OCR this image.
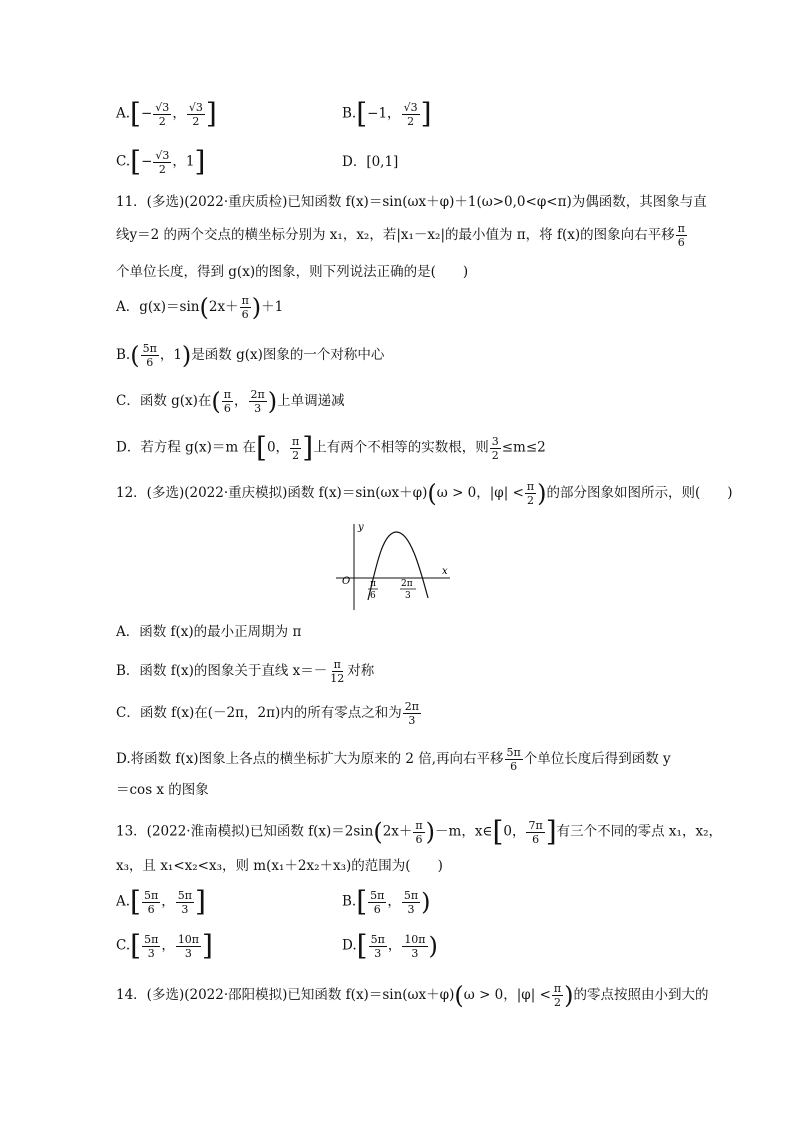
$A.[- \frac{√3}{2}$ ， $\frac{√3}{2}$ ]	B.[−1， $\frac{√3}{2}$ ]
$C.[- \frac{√3}{2}$ ，1]	D．[0,1]
11．(多选)(2022·重庆质检)已知函数 f(x)＝sin(ωx＋φ)＋1(ω>0,0<φ<π)为偶函数，其图象与直
线y＝2 的两个交点的横坐标分别为 x₁，x₂，若|x₁－x₂|的最小值为 π，将 f(x)的图象向右平移 $\frac{\pi}{6}$
个单位长度，得到 g(x)的图象，则下列说法正确的是(　　)
A．$g(x)=\sin(2x+ \frac{\pi}{6} )+1$
$B.( \frac{5\pi}{6}$ ，1)是函数 g(x)图象的一个对称中心
C．函数 g(x)在( $\frac{\pi}{6}$ ， $\frac{2\pi}{3}$ )上单调递减
D．若方程 g(x)＝m 在[0， $\frac{\pi}{2}$ ]上有两个不相等的实数根，则 $\frac{3}{2} \le m\le 2$
12．(多选)(2022·重庆模拟)函数 f(x)＝sin(ωx＋φ)(ω > 0，$|\varphi| < \frac{\pi}{2}$ )的部分图象如图所示，则(　　)
y
x
O π
6
2π
3
A．函数 f(x)的最小正周期为 π
B．函数 f(x)的图象关于直线 $x=- \frac{\pi}{12}$ 对称
C．函数 f(x)在(－2π，2π)内的所有零点之和为 $\frac{2\pi}{3}$
D.将函数 f(x)图象上各点的横坐标扩大为原来的 2 倍,再向右平移 $\frac{5\pi}{6}$ 个单位长度后得到函数 y
＝cos x 的图象
13．(2022·淮南模拟)已知函数 $f(x)=2\sin(2x+ \frac{\pi}{6} )-m$，x∈[0， $\frac{7\pi}{6}$ ]有三个不同的零点 x₁，x₂，
x₃，且 x₁<x₂<x₃，则 m(x₁＋2x₂＋x₃)的范围为(　　)
$A.[ \frac{5\pi}{6}$ ， $\frac{5\pi}{3}$ ]	$B.[ \frac{5\pi}{6}$ ， $\frac{5\pi}{3}$ )
$C.[ \frac{5\pi}{3}$ ， $\frac{10\pi}{3}$ ]	$D.[ \frac{5\pi}{3}$ ， $\frac{10\pi}{3}$ )
14．(多选)(2022·邵阳模拟)已知函数 f(x)＝sin(ωx＋φ)(ω > 0，$|\varphi| < \frac{\pi}{2}$ )的零点按照由小到大的
